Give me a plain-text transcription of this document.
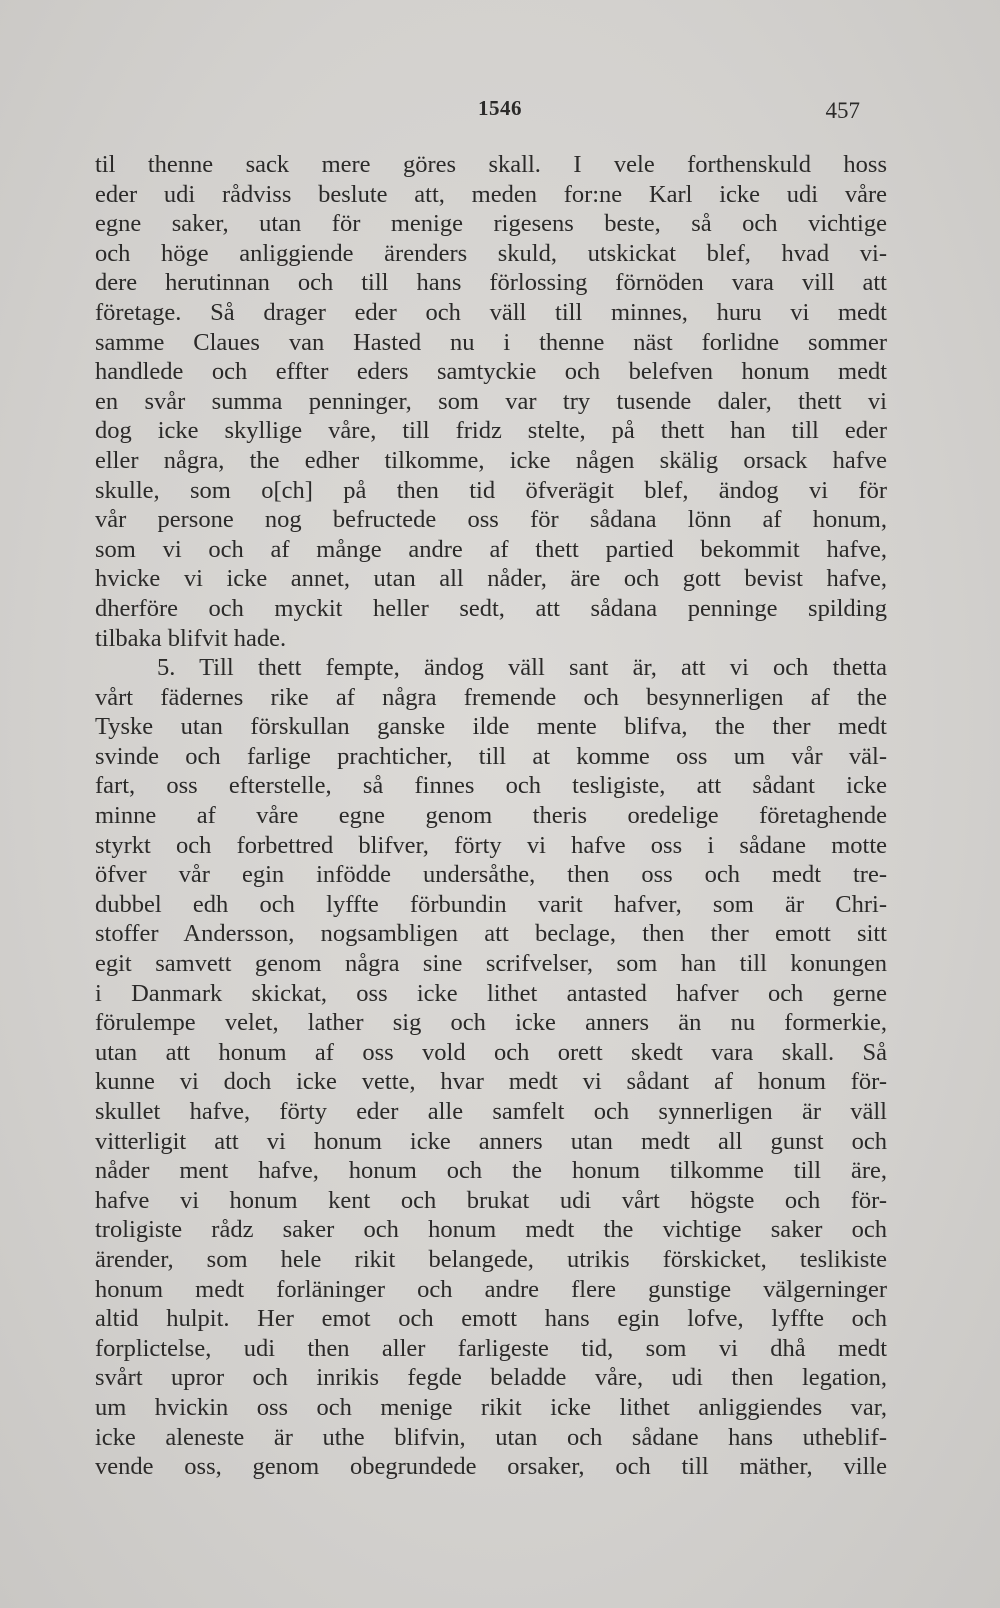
1546	457
til thenne sack mere göres skall. I vele forthenskuld hoss
eder udi rådviss beslute att, meden for:ne Karl icke udi våre
egne saker, utan för menige rigesens beste, så och vichtige
och höge anliggiende ärenders skuld, utskickat blef, hvad vi-
dere herutinnan och till hans förlossing förnöden vara vill att
företage. Så drager eder och väll till minnes, huru vi medt
samme Claues van Hasted nu i thenne näst forlidne sommer
handlede och effter eders samtyckie och belefven honum medt
en svår summa penninger, som var try tusende daler, thett vi
dog icke skyllige våre, till fridz stelte, på thett han till eder
eller några, the edher tilkomme, icke någen skälig orsack hafve
skulle, som o[ch] på then tid öfverägit blef, ändog vi för
vår persone nog befructede oss för sådana lönn af honum,
som vi och af månge andre af thett partied bekommit hafve,
hvicke vi icke annet, utan all nåder, äre och gott bevist hafve,
dherföre och myckit heller sedt, att sådana penninge spilding
tilbaka blifvit hade.
5. Till thett fempte, ändog väll sant är, att vi och thetta
vårt fädernes rike af några fremende och besynnerligen af the
Tyske utan förskullan ganske ilde mente blifva, the ther medt
svinde och farlige prachticher, till at komme oss um vår väl-
fart, oss efterstelle, så finnes och tesligiste, att sådant icke
minne af våre egne genom theris oredelige företaghende
styrkt och forbettred blifver, förty vi hafve oss i sådane motte
öfver vår egin infödde undersåthe, then oss och medt tre-
dubbel edh och lyffte förbundin varit hafver, som är Chri-
stoffer Andersson, nogsambligen att beclage, then ther emott sitt
egit samvett genom några sine scrifvelser, som han till konungen
i Danmark skickat, oss icke lithet antasted hafver och gerne
förulempe velet, lather sig och icke anners än nu formerkie,
utan att honum af oss vold och orett skedt vara skall. Så
kunne vi doch icke vette, hvar medt vi sådant af honum för-
skullet hafve, förty eder alle samfelt och synnerligen är väll
vitterligit att vi honum icke anners utan medt all gunst och
nåder ment hafve, honum och the honum tilkomme till äre,
hafve vi honum kent och brukat udi vårt högste och för-
troligiste rådz saker och honum medt the vichtige saker och
ärender, som hele rikit belangede, utrikis förskicket, teslikiste
honum medt forläninger och andre flere gunstige välgerninger
altid hulpit. Her emot och emott hans egin lofve, lyffte och
forplictelse, udi then aller farligeste tid, som vi dhå medt
svårt upror och inrikis fegde beladde våre, udi then legation,
um hvickin oss och menige rikit icke lithet anliggiendes var,
icke aleneste är uthe blifvin, utan och sådane hans utheblif-
vende oss, genom obegrundede orsaker, och till mäther, ville
